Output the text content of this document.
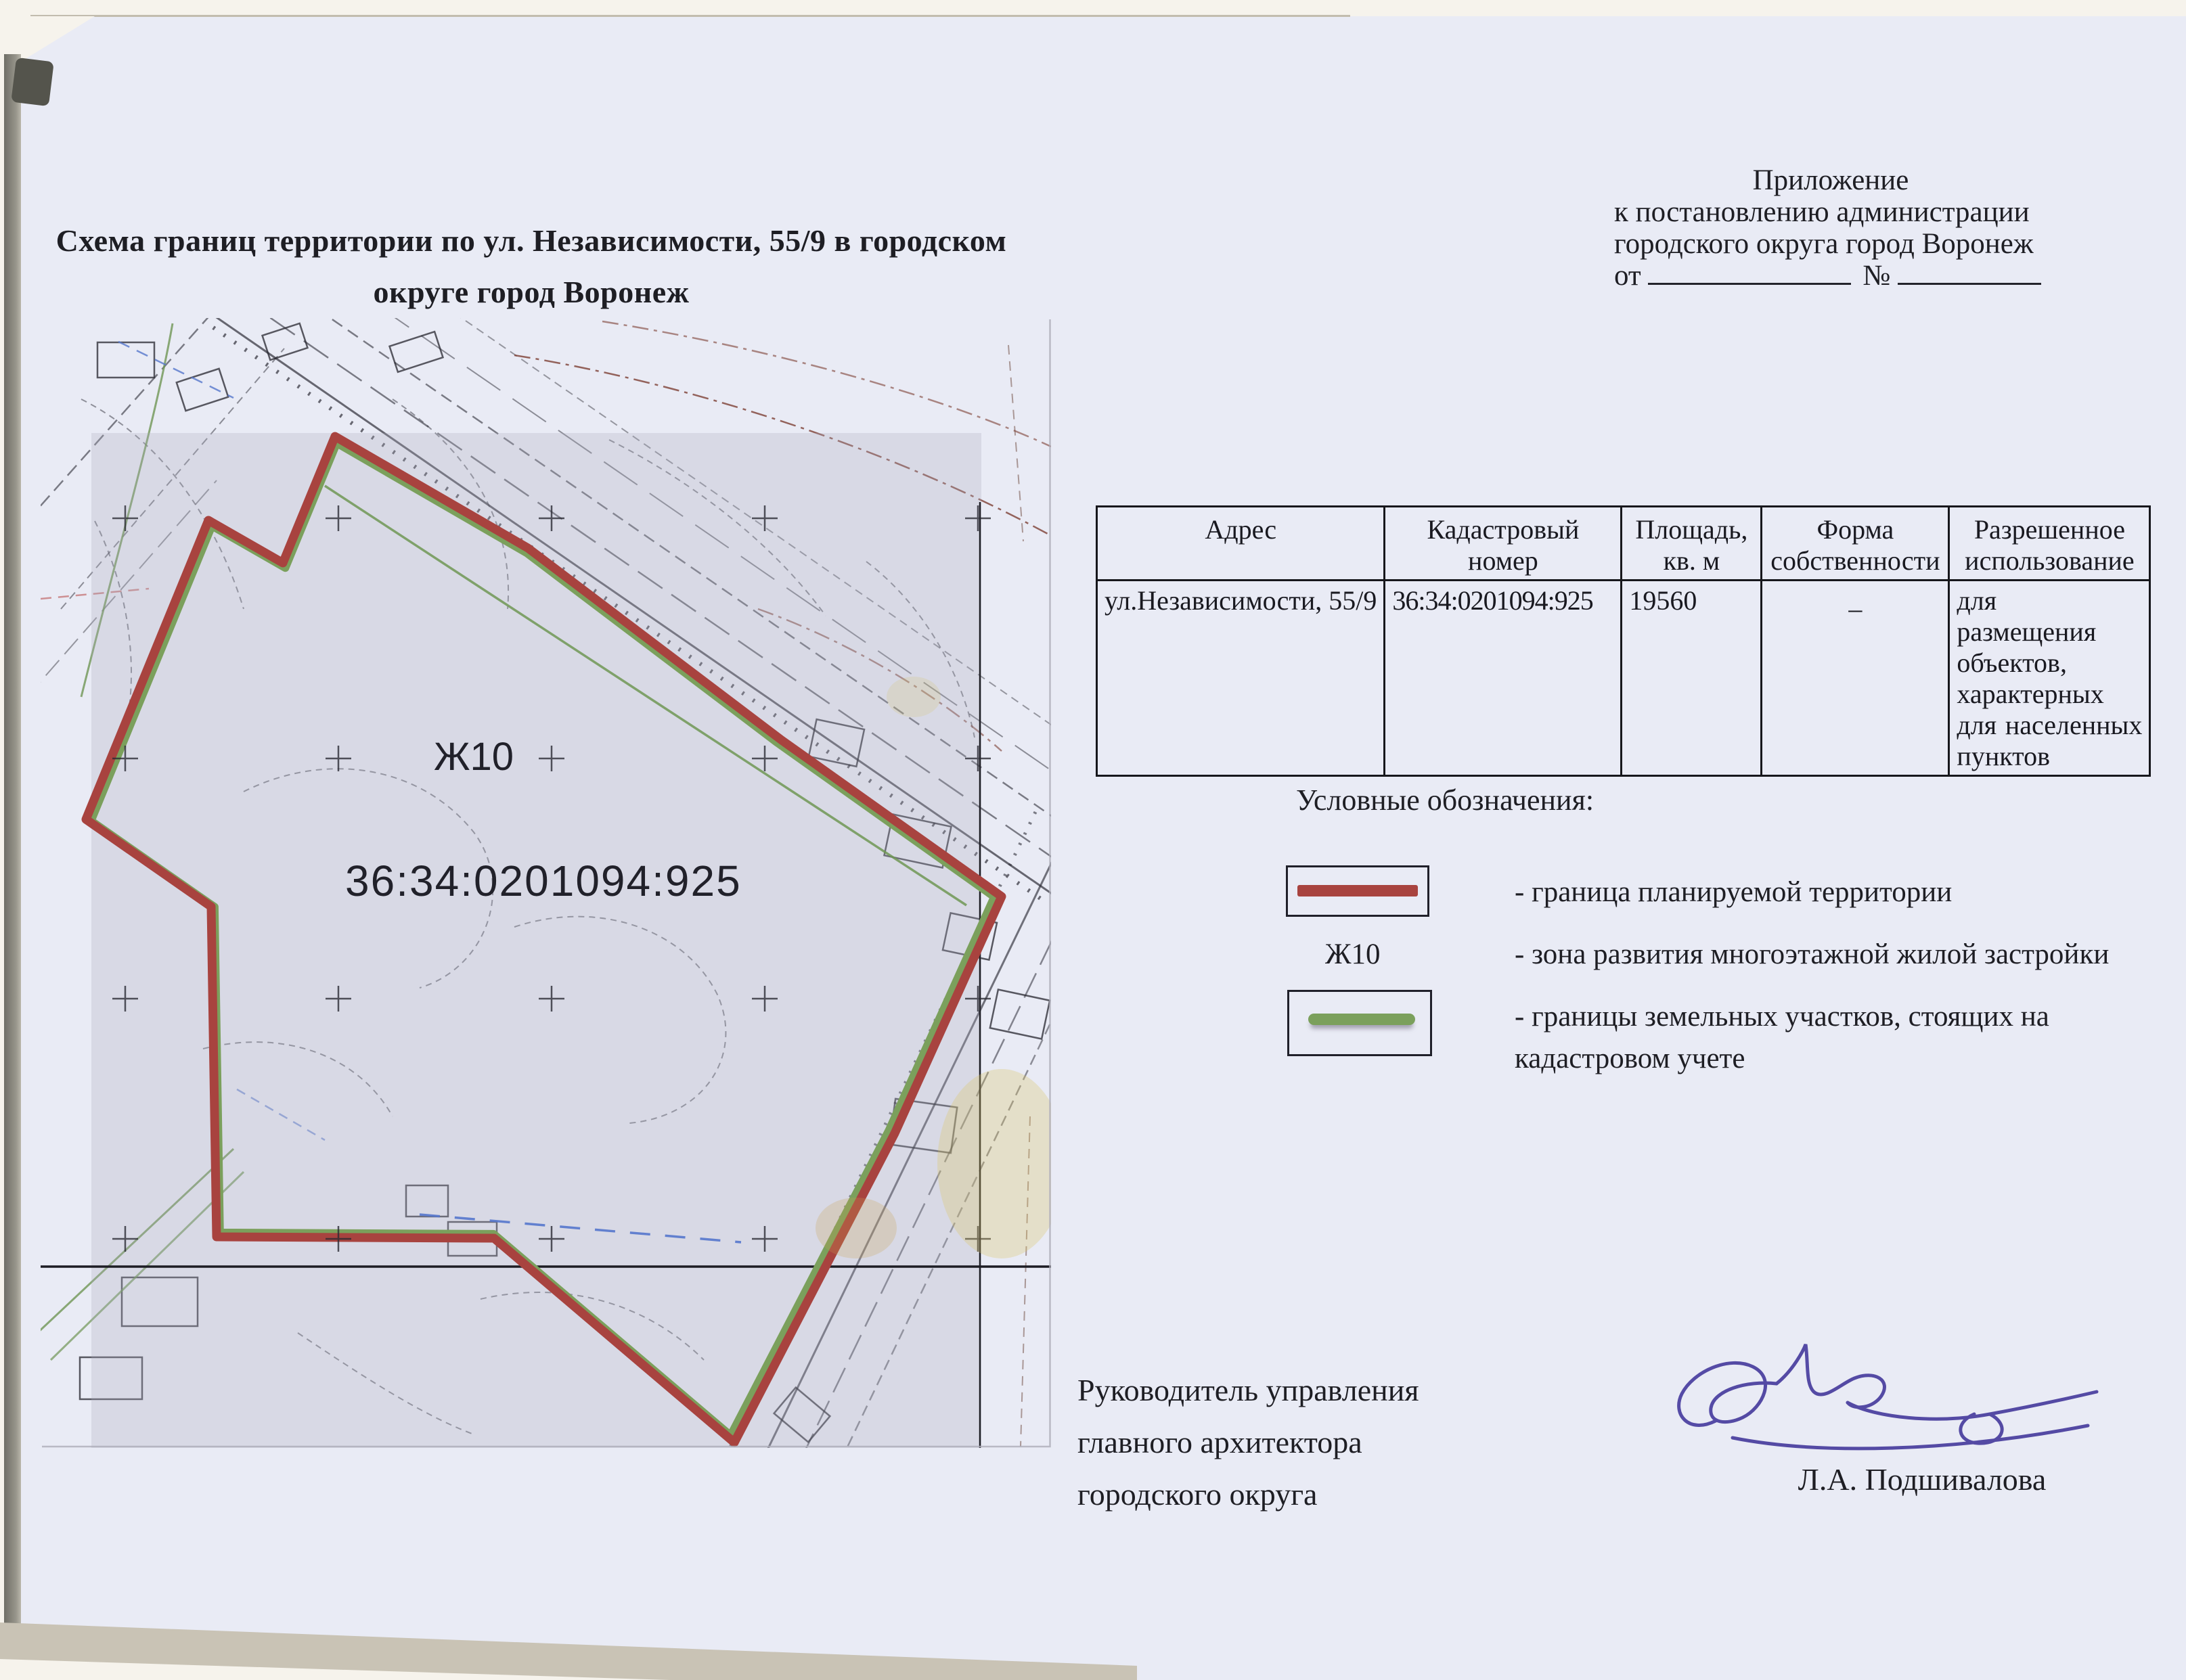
Схема границ территории по ул. Независимости, 55/9 в городском
округе город Воронеж
Приложение
к постановлению администрации
городского округа город Воронеж
от	№
Ж10
36:34:0201094:925
Адрес	Кадастровый номер	Площадь, кв. м	Форма собственности	Разрешенное использование
ул.Независимости, 55/9	36:34:0201094:925	19560	–	для размещения объектов, характерных для населенных пунктов
Условные обозначения:
- граница планируемой территории
Ж10	- зона развития многоэтажной жилой застройки
- границы земельных участков, стоящих на кадастровом учете
Руководитель управления
главного архитектора
городского округа	Л.А. Подшивалова
